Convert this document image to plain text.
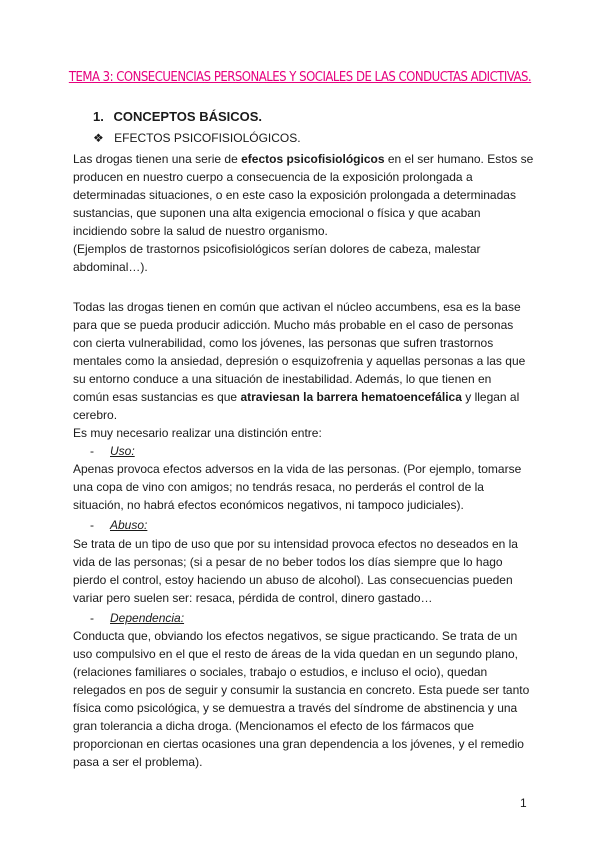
TEMA 3: CONSECUENCIAS PERSONALES Y SOCIALES DE LAS CONDUCTAS ADICTIVAS.
1. CONCEPTOS BÁSICOS.
❖ EFECTOS PSICOFISIOLÓGICOS.
Las drogas tienen una serie de efectos psicofisiológicos en el ser humano. Estos se
producen en nuestro cuerpo a consecuencia de la exposición prolongada a
determinadas situaciones, o en este caso la exposición prolongada a determinadas
sustancias, que suponen una alta exigencia emocional o física y que acaban
incidiendo sobre la salud de nuestro organismo.
(Ejemplos de trastornos psicofisiológicos serían dolores de cabeza, malestar
abdominal…).
Todas las drogas tienen en común que activan el núcleo accumbens, esa es la base
para que se pueda producir adicción. Mucho más probable en el caso de personas
con cierta vulnerabilidad, como los jóvenes, las personas que sufren trastornos
mentales como la ansiedad, depresión o esquizofrenia y aquellas personas a las que
su entorno conduce a una situación de inestabilidad. Además, lo que tienen en
común esas sustancias es que atraviesan la barrera hematoencefálica y llegan al
cerebro.
Es muy necesario realizar una distinción entre:
- Uso:
Apenas provoca efectos adversos en la vida de las personas. (Por ejemplo, tomarse
una copa de vino con amigos; no tendrás resaca, no perderás el control de la
situación, no habrá efectos económicos negativos, ni tampoco judiciales).
- Abuso:
Se trata de un tipo de uso que por su intensidad provoca efectos no deseados en la
vida de las personas; (si a pesar de no beber todos los días siempre que lo hago
pierdo el control, estoy haciendo un abuso de alcohol). Las consecuencias pueden
variar pero suelen ser: resaca, pérdida de control, dinero gastado…
- Dependencia:
Conducta que, obviando los efectos negativos, se sigue practicando. Se trata de un
uso compulsivo en el que el resto de áreas de la vida quedan en un segundo plano,
(relaciones familiares o sociales, trabajo o estudios, e incluso el ocio), quedan
relegados en pos de seguir y consumir la sustancia en concreto. Esta puede ser tanto
física como psicológica, y se demuestra a través del síndrome de abstinencia y una
gran tolerancia a dicha droga. (Mencionamos el efecto de los fármacos que
proporcionan en ciertas ocasiones una gran dependencia a los jóvenes, y el remedio
pasa a ser el problema).
1
